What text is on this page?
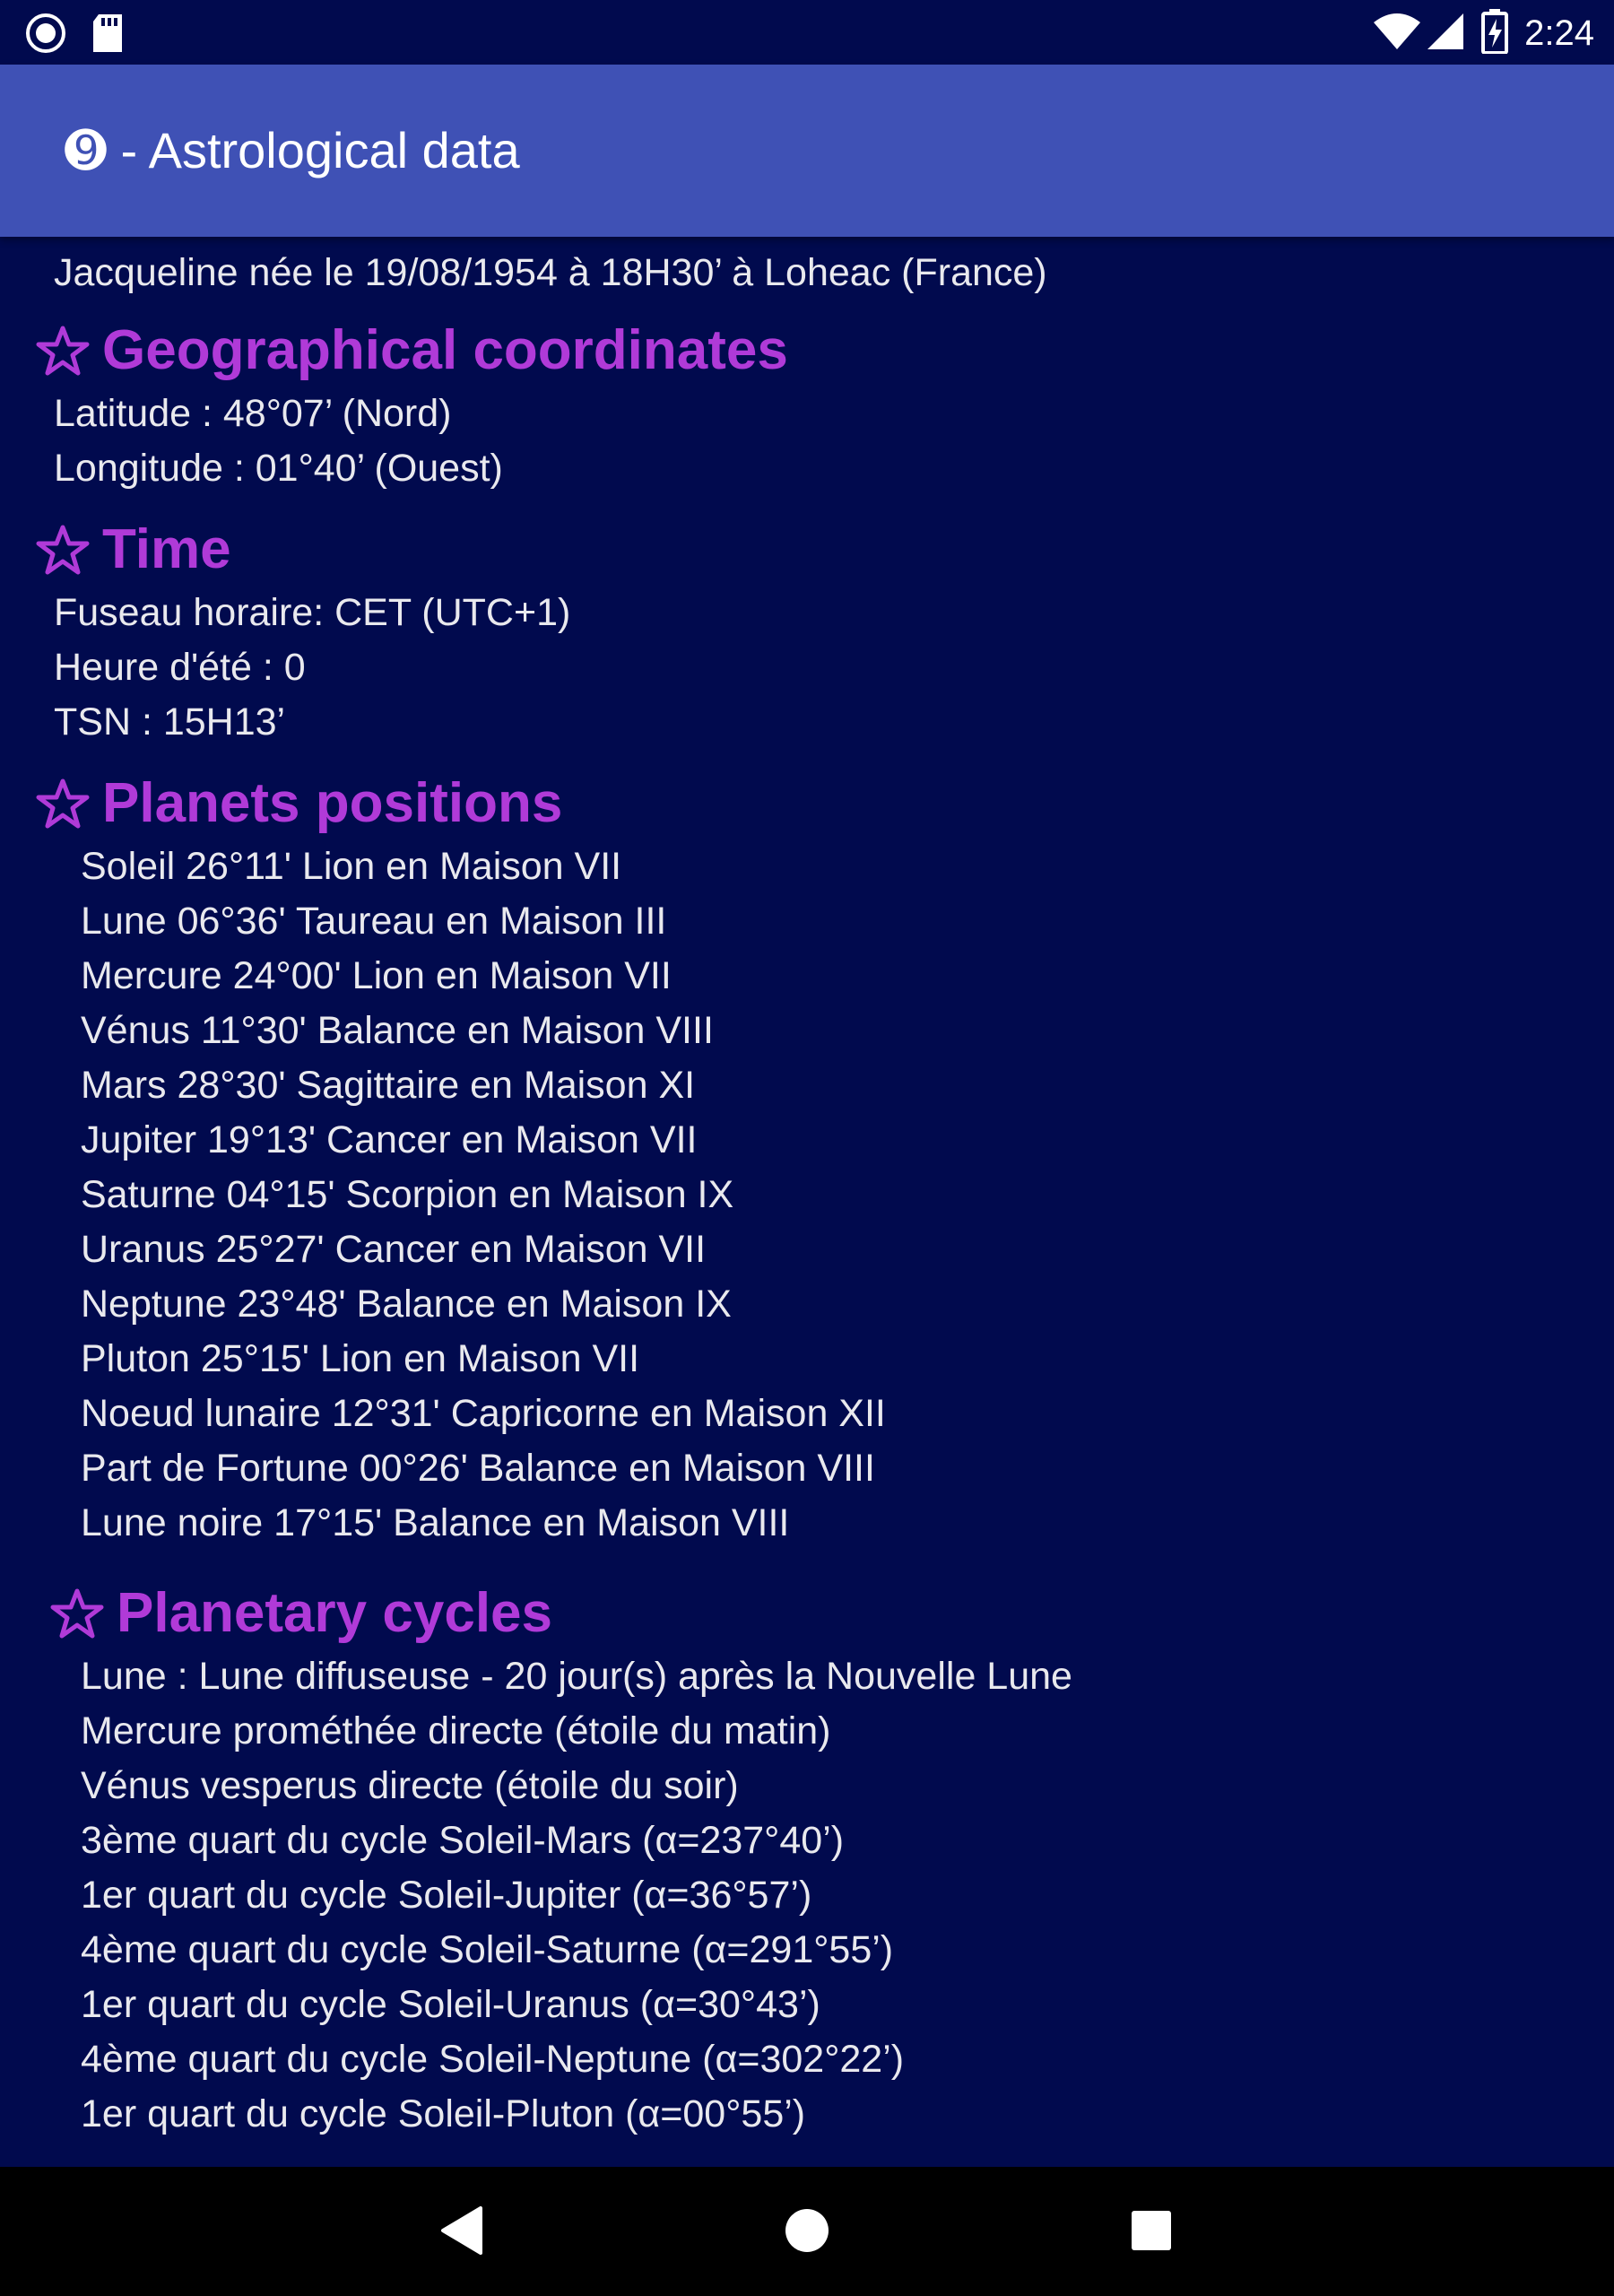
2:24
➒ - Astrological data
Jacqueline née le 19/08/1954 à 18H30’ à Loheac (France)
Geographical coordinates
Latitude : 48°07’ (Nord)
Longitude : 01°40’ (Ouest)
Time
Fuseau horaire: CET (UTC+1)
Heure d'été : 0
TSN : 15H13’
Planets positions
Soleil 26°11' Lion en Maison VII
Lune 06°36' Taureau en Maison III
Mercure 24°00' Lion en Maison VII
Vénus 11°30' Balance en Maison VIII
Mars 28°30' Sagittaire en Maison XI
Jupiter 19°13' Cancer en Maison VII
Saturne 04°15' Scorpion en Maison IX
Uranus 25°27' Cancer en Maison VII
Neptune 23°48' Balance en Maison IX
Pluton 25°15' Lion en Maison VII
Noeud lunaire 12°31' Capricorne en Maison XII
Part de Fortune 00°26' Balance en Maison VIII
Lune noire 17°15' Balance en Maison VIII
Planetary cycles
Lune : Lune diffuseuse - 20 jour(s) après la Nouvelle Lune
Mercure prométhée directe (étoile du matin)
Vénus vesperus directe (étoile du soir)
3ème quart du cycle Soleil-Mars (α=237°40’)
1er quart du cycle Soleil-Jupiter (α=36°57’)
4ème quart du cycle Soleil-Saturne (α=291°55’)
1er quart du cycle Soleil-Uranus (α=30°43’)
4ème quart du cycle Soleil-Neptune (α=302°22’)
1er quart du cycle Soleil-Pluton (α=00°55’)
